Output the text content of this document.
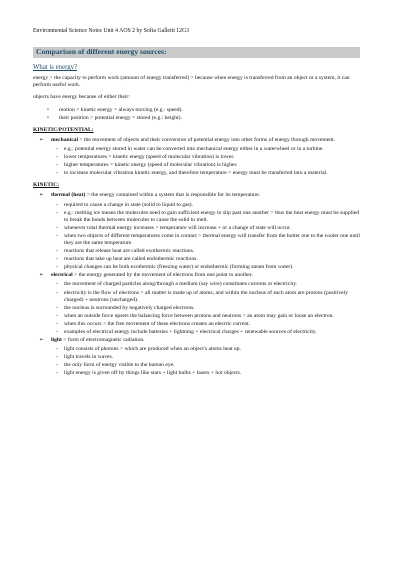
Environmental Science Notes Unit 4 AOS 2 by Sofia Galletti 12G3
Comparison of different energy sources:
What is energy?

energy > the capacity to perform work (amount of energy transferred) > because when energy is transferred from an object or a system, it can perform useful work.

objects have energy because of either their:

• motion > kinetic energy = always moving (e.g.: speed).
• their position > potential energy = stored (e.g.: height).
KINETIC/POTENTIAL:
➢ mechanical > the movement of objects and their conversion of potential energy into other forms of energy through movement.
- e.g.: potential energy stored in water can be converted into mechanical energy either in a waterwheel or in a turbine.
- lower temperatures = kinetic energy (speed of molecular vibration) is lower.
- higher temperatures = kinetic energy (speed of molecular vibration) is higher.
- to increase molecular vibration kinetic energy, and therefore temperature > energy must be transferred into a material.
KINETIC:
➢ thermal (heat) > the energy contained within a system that is responsible for its temperature.
- required to cause a change in state (solid to liquid to gas).
- e.g.: melting ice means the molecules need to gain sufficient energy to slip past one another > thus the heat energy must be supplied to break the bonds between molecules to cause the solid to melt.
- whenever total thermal energy increases > temperature will increase + or a change of state will occur.
- when two objects of different temperatures come in contact > thermal energy will transfer from the hotter one to the cooler one until they are the same temperature.
- reactions that release heat are called exothermic reactions.
- reactions that take up heat are called endothermic reactions.
- physical changes can be both exothermic (freezing water) or endothermic (forming steam from water).
➢ electrical > the energy generated by the movement of electrons from one point to another.
- the movement of charged particles along/through a medium (say wire) constitutes currents or electricity.
- electricity is the flow of electrons > all matter is made up of atoms, and within the nucleus of each atom are protons (positively charged) + neutrons (uncharged).
- the nucleus is surrounded by negatively charged electrons.
- when an outside force upsets the balancing force between protons and neutrons > an atom may gain or loose an electron.
- when this occurs > the free movement of these electrons creates an electric current.
- examples of electrical energy include batteries + lightning + electrical charges + renewable sources of electricity.
➢ light > form of electromagnetic radiation.
- light consists of photons > which are produced when an object's atoms heat up.
- light travels in waves.
- the only form of energy visible to the human eye.
- light energy is given off by things like stars + light bulbs + lasers + hot objects.
